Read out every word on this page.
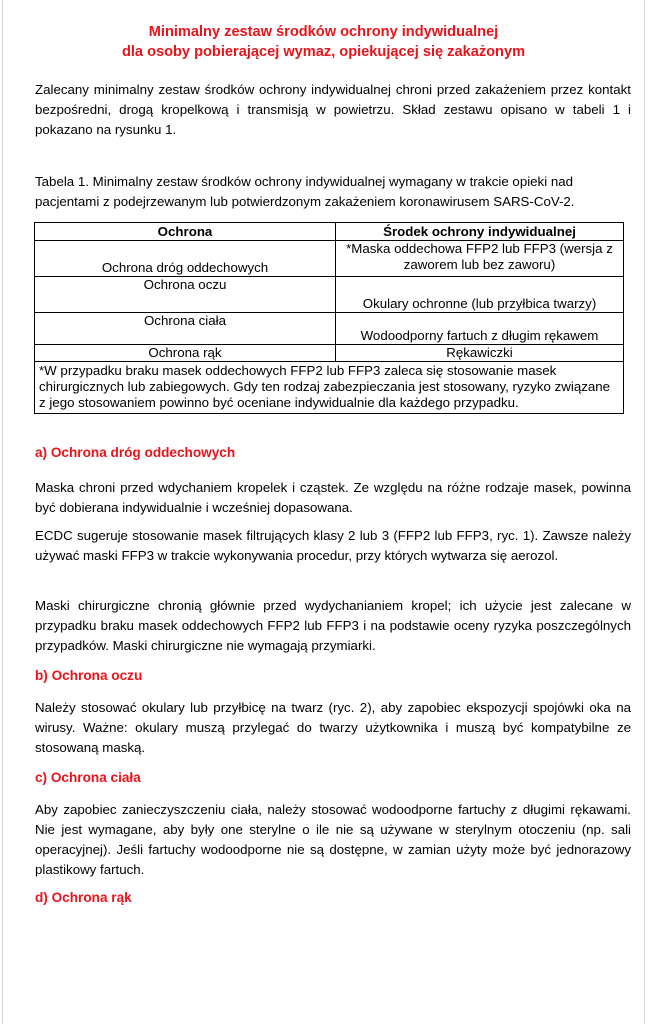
Minimalny zestaw środków ochrony indywidualnej
dla osoby pobierającej wymaz, opiekującej się zakażonym

Zalecany minimalny zestaw środków ochrony indywidualnej chroni przed zakażeniem przez kontakt bezpośredni, drogą kropelkową i transmisją w powietrzu. Skład zestawu opisano w tabeli 1 i pokazano na rysunku 1.

Tabela 1. Minimalny zestaw środków ochrony indywidualnej wymagany w trakcie opieki nad
pacjentami z podejrzewanym lub potwierdzonym zakażeniem koronawirusem SARS-CoV-2.
Ochrona	Środek ochrony indywidualnej
Ochrona dróg oddechowych	*Maska oddechowa FFP2 lub FFP3 (wersja z zaworem lub bez zaworu)
Ochrona oczu	Okulary ochronne (lub przyłbica twarzy)
Ochrona ciała	Wodoodporny fartuch z długim rękawem
Ochrona rąk	Rękawiczki
*W przypadku braku masek oddechowych FFP2 lub FFP3 zaleca się stosowanie masek chirurgicznych lub zabiegowych. Gdy ten rodzaj zabezpieczania jest stosowany, ryzyko związane z jego stosowaniem powinno być oceniane indywidualnie dla każdego przypadku.	
a) Ochrona dróg oddechowych

Maska chroni przed wdychaniem kropelek i cząstek. Ze względu na różne rodzaje masek, powinna być dobierana indywidualnie i wcześniej dopasowana.

ECDC sugeruje stosowanie masek filtrujących klasy 2 lub 3 (FFP2 lub FFP3, ryc. 1). Zawsze należy używać maski FFP3 w trakcie wykonywania procedur, przy których wytwarza się aerozol.

Maski chirurgiczne chronią głównie przed wydychanianiem kropel; ich użycie jest zalecane w przypadku braku masek oddechowych FFP2 lub FFP3 i na podstawie oceny ryzyka poszczególnych przypadków. Maski chirurgiczne nie wymagają przymiarki.

b) Ochrona oczu

Należy stosować okulary lub przyłbicę na twarz (ryc. 2), aby zapobiec ekspozycji spojówki oka na wirusy. Ważne: okulary muszą przylegać do twarzy użytkownika i muszą być kompatybilne ze stosowaną maską.

c) Ochrona ciała

Aby zapobiec zanieczyszczeniu ciała, należy stosować wodoodporne fartuchy z długimi rękawami. Nie jest wymagane, aby były one sterylne o ile nie są używane w sterylnym otoczeniu (np. sali operacyjnej). Jeśli fartuchy wodoodporne nie są dostępne, w zamian użyty może być jednorazowy plastikowy fartuch.

d) Ochrona rąk
